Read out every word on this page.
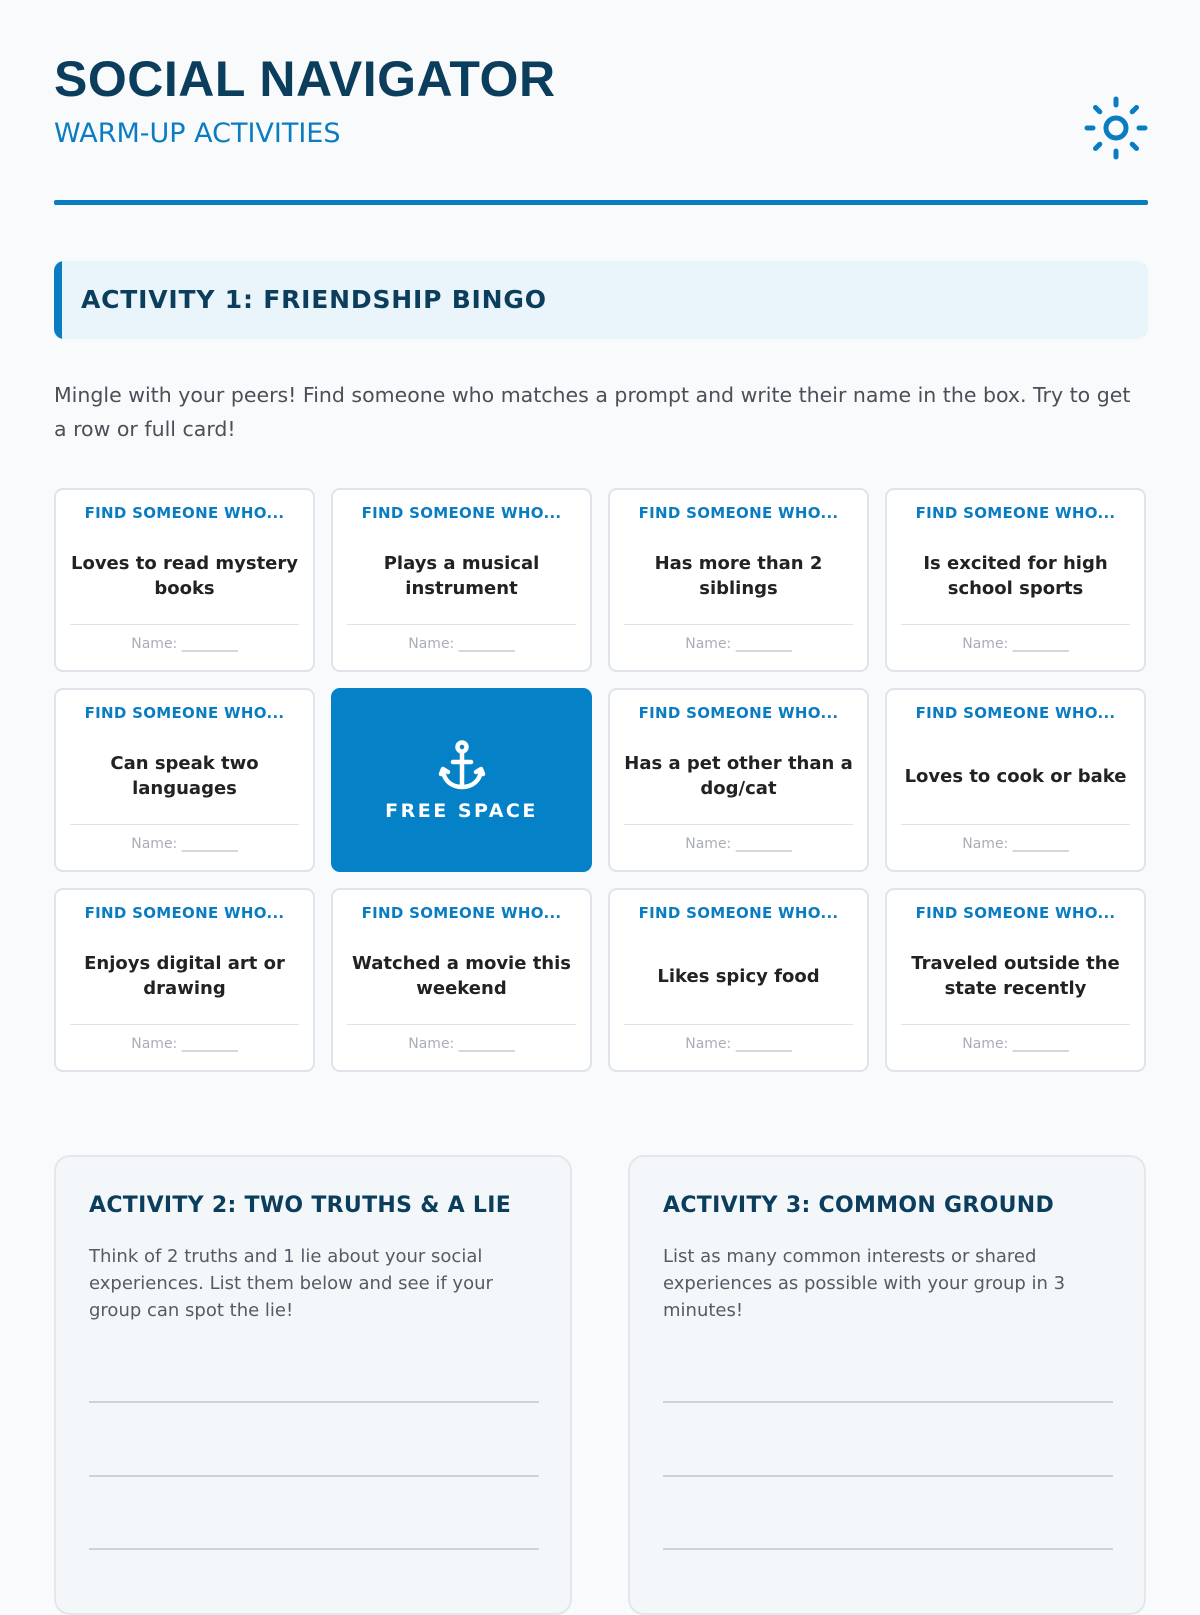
SOCIAL NAVIGATOR
WARM-UP ACTIVITIES
ACTIVITY 1: FRIENDSHIP BINGO

Mingle with your peers! Find someone who matches a prompt and write their name in the box. Try to get a row or full card!

FIND SOMEONE WHO...
Loves to read mystery books
Name: ________
FIND SOMEONE WHO...
Plays a musical instrument
Name: ________
FIND SOMEONE WHO...
Has more than 2 siblings
Name: ________
FIND SOMEONE WHO...
Is excited for high school sports
Name: ________
FIND SOMEONE WHO...
Can speak two languages
Name: ________
FREE SPACE
FIND SOMEONE WHO...
Has a pet other than a dog/cat
Name: ________
FIND SOMEONE WHO...
Loves to cook or bake
Name: ________
FIND SOMEONE WHO...
Enjoys digital art or drawing
Name: ________
FIND SOMEONE WHO...
Watched a movie this weekend
Name: ________
FIND SOMEONE WHO...
Likes spicy food
Name: ________
FIND SOMEONE WHO...
Traveled outside the state recently
Name: ________
ACTIVITY 2: TWO TRUTHS & A LIE

Think of 2 truths and 1 lie about your social experiences. List them below and see if your group can spot the lie!

ACTIVITY 3: COMMON GROUND

List as many common interests or shared experiences as possible with your group in 3 minutes!
